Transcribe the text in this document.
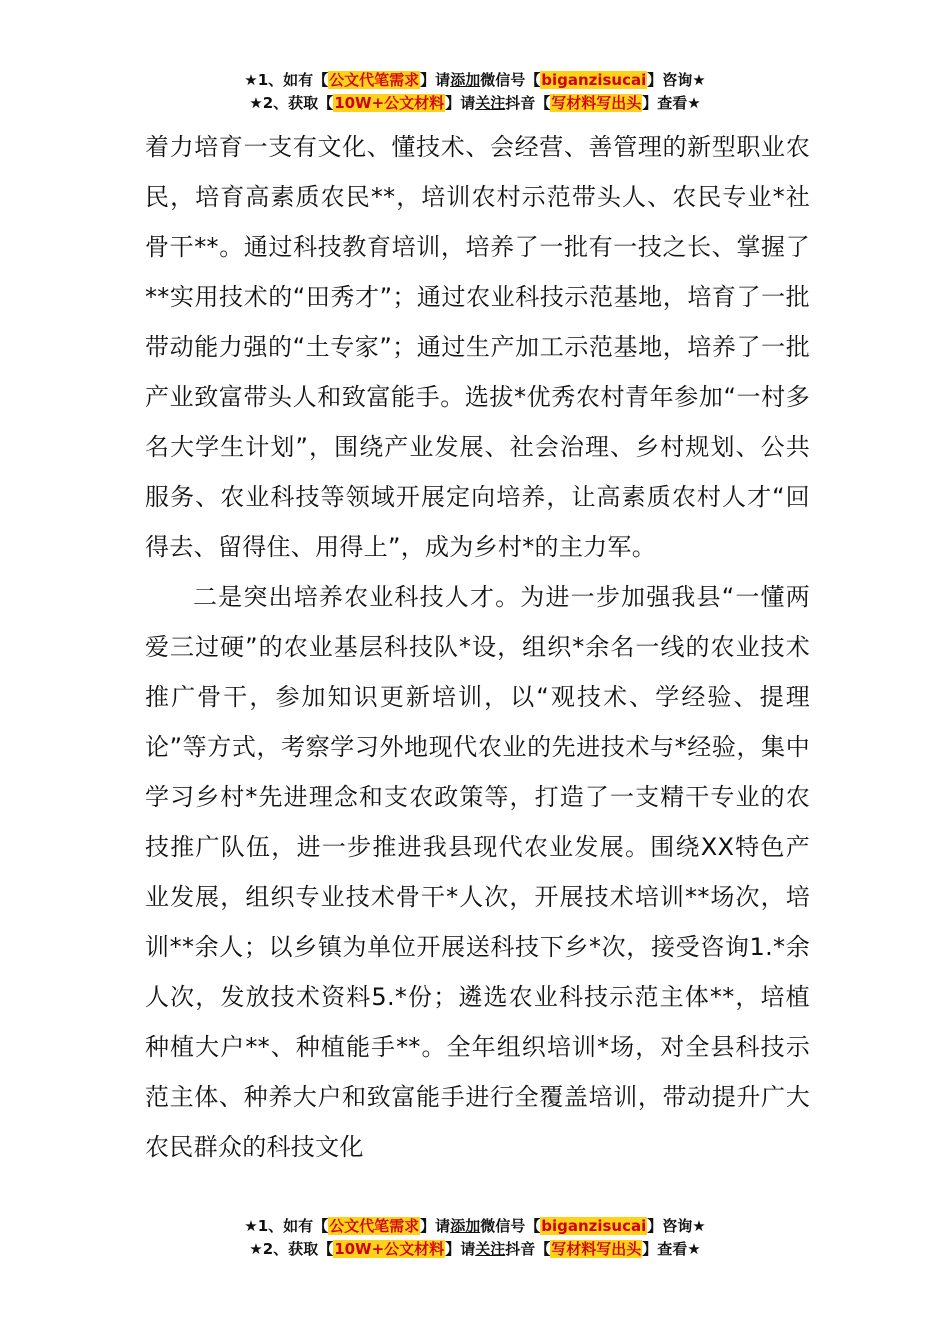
★1、如有【公文代笔需求】请添加微信号【biganzisucai】咨询★
★2、获取【10W+公文材料】请关注抖音【写材料写出头】查看★

着力培育一支有文化、懂技术、会经营、善管理的新型职业农民，培育高素质农民**，培训农村示范带头人、农民专业*社骨干**。通过科技教育培训，培养了一批有一技之长、掌握了**实用技术的“田秀才”；通过农业科技示范基地，培育了一批带动能力强的“土专家”；通过生产加工示范基地，培养了一批产业致富带头人和致富能手。选拔*优秀农村青年参加“一村多名大学生计划”，围绕产业发展、社会治理、乡村规划、公共服务、农业科技等领域开展定向培养，让高素质农村人才“回得去、留得住、用得上”，成为乡村*的主力军。

二是突出培养农业科技人才。为进一步加强我县“一懂两爱三过硬”的农业基层科技队*设，组织*余名一线的农业技术推广骨干，参加知识更新培训，以“观技术、学经验、提理论”等方式，考察学习外地现代农业的先进技术与*经验，集中学习乡村*先进理念和支农政策等，打造了一支精干专业的农技推广队伍，进一步推进我县现代农业发展。围绕XX特色产业发展，组织专业技术骨干*人次，开展技术培训**场次，培训**余人；以乡镇为单位开展送科技下乡*次，接受咨询1.*余人次，发放技术资料5.*份；遴选农业科技示范主体**，培植种植大户**、种植能手**。全年组织培训*场，对全县科技示范主体、种养大户和致富能手进行全覆盖培训，带动提升广大农民群众的科技文化

★1、如有【公文代笔需求】请添加微信号【biganzisucai】咨询★
★2、获取【10W+公文材料】请关注抖音【写材料写出头】查看★
